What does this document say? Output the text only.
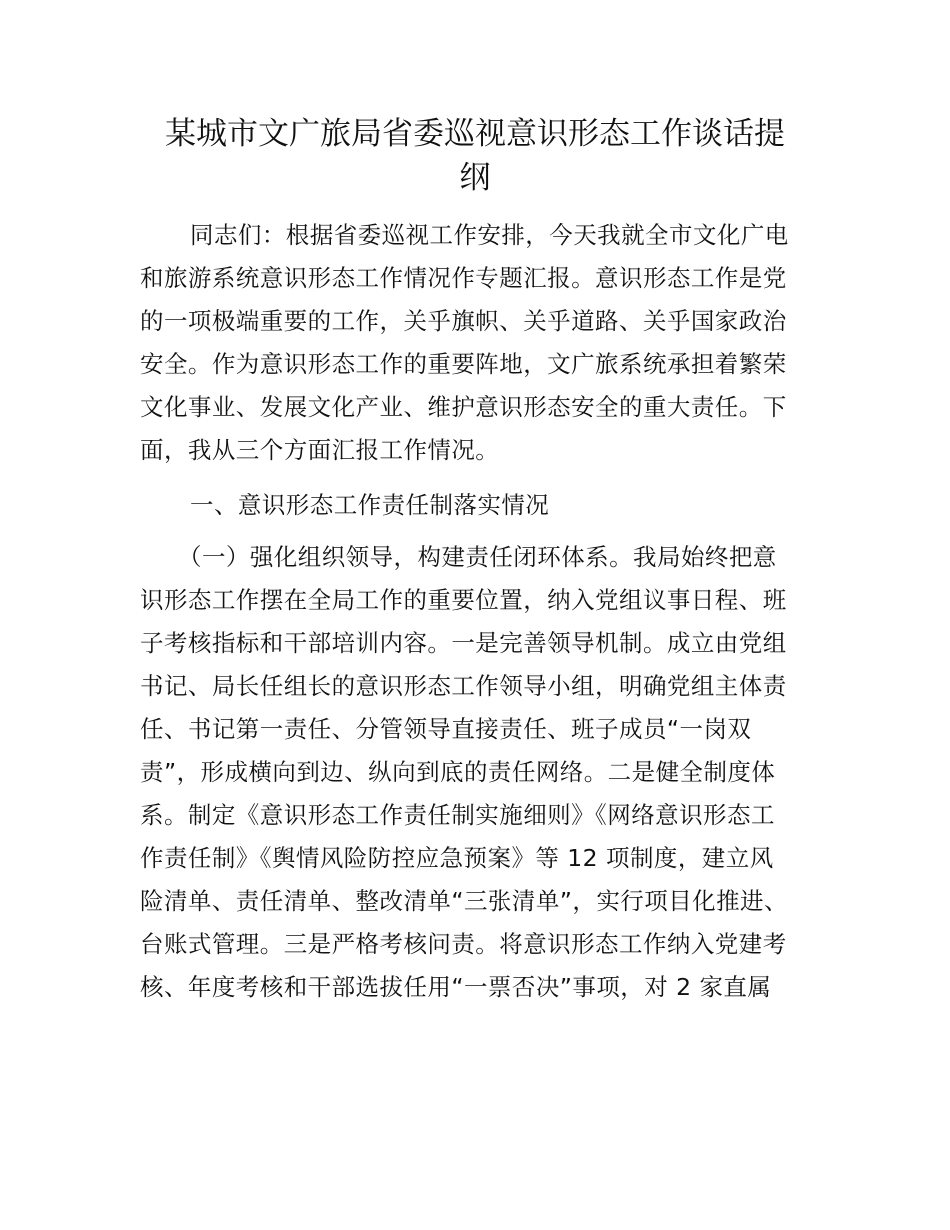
某城市文广旅局省委巡视意识形态工作谈话提
纲
同志们：根据省委巡视工作安排，今天我就全市文化广电
和旅游系统意识形态工作情况作专题汇报。意识形态工作是党
的一项极端重要的工作，关乎旗帜、关乎道路、关乎国家政治
安全。作为意识形态工作的重要阵地，文广旅系统承担着繁荣
文化事业、发展文化产业、维护意识形态安全的重大责任。下
面，我从三个方面汇报工作情况。
一、意识形态工作责任制落实情况
（一）强化组织领导，构建责任闭环体系。我局始终把意
识形态工作摆在全局工作的重要位置，纳入党组议事日程、班
子考核指标和干部培训内容。一是完善领导机制。成立由党组
书记、局长任组长的意识形态工作领导小组，明确党组主体责
任、书记第一责任、分管领导直接责任、班子成员“一岗双
责”，形成横向到边、纵向到底的责任网络。二是健全制度体
系。制定《意识形态工作责任制实施细则》《网络意识形态工
作责任制》《舆情风险防控应急预案》等 12 项制度，建立风
险清单、责任清单、整改清单“三张清单”，实行项目化推进、
台账式管理。三是严格考核问责。将意识形态工作纳入党建考
核、年度考核和干部选拔任用“一票否决”事项，对 2 家直属
